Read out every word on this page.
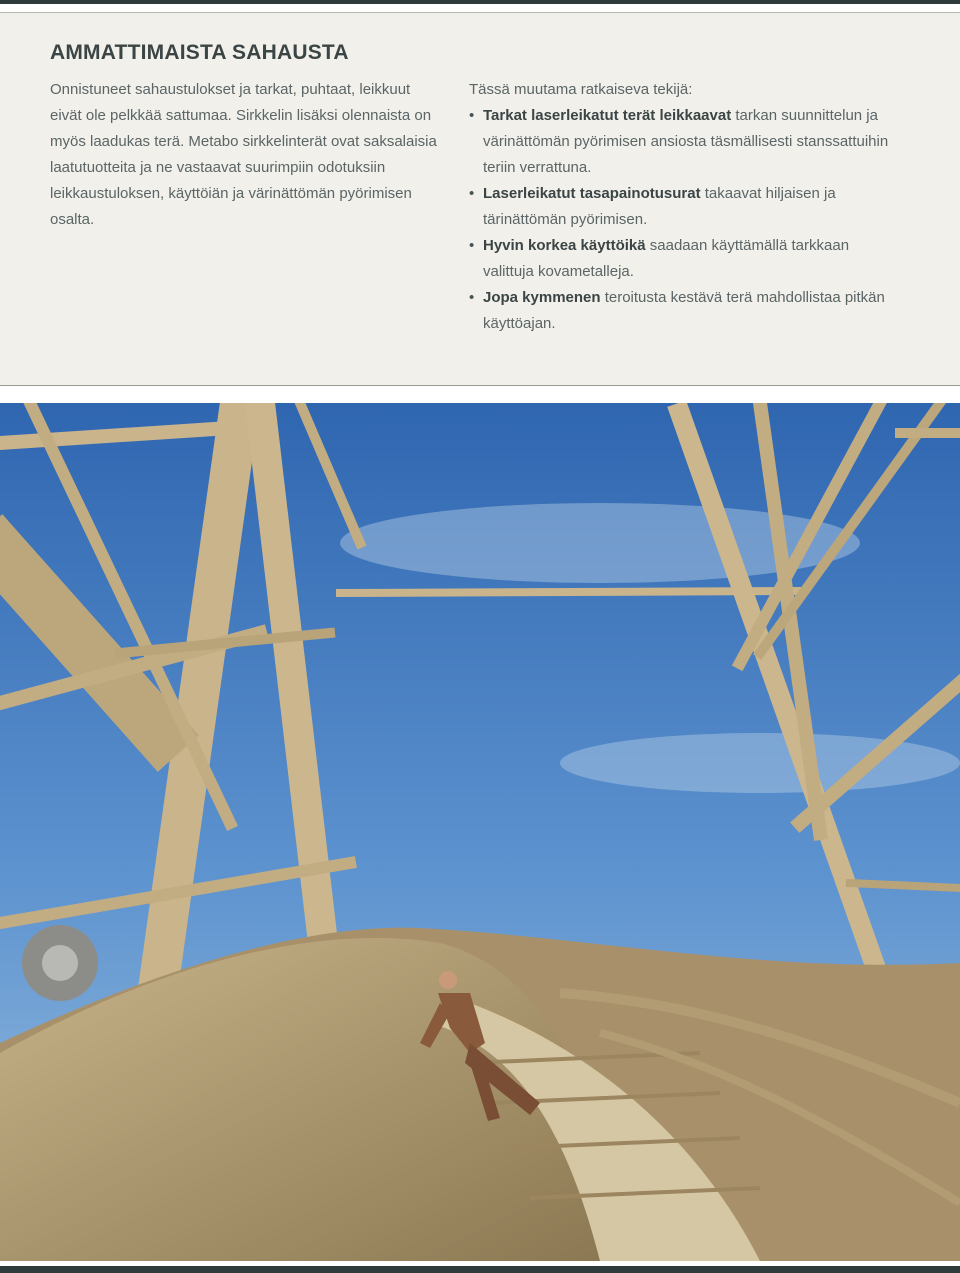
AMMATTIMAISTA SAHAUSTA

Onnistuneet sahaustulokset ja tarkat, puhtaat, leikkuut eivät ole pelkkää sattumaa. Sirkkelin lisäksi olennaista on myös laadukas terä. Metabo sirkkelinterät ovat saksalaisia laatutuotteita ja ne vastaavat suurimpiin odotuksiin leikkaustuloksen, käyttöiän ja värinättömän pyörimisen osalta.

Tässä muutama ratkaiseva tekijä:

• Tarkat laserleikatut terät leikkaavat tarkan suunnittelun ja värinättömän pyörimisen ansiosta täsmällisesti stanssattuihin teriin verrattuna.
• Laserleikatut tasapainotusurat takaavat hiljaisen ja tärinättömän pyörimisen.
• Hyvin korkea käyttöikä saadaan käyttämällä tarkkaan valittuja kovametalleja.
• Jopa kymmenen teroitusta kestävä terä mahdollistaa pitkän käyttöajan.
